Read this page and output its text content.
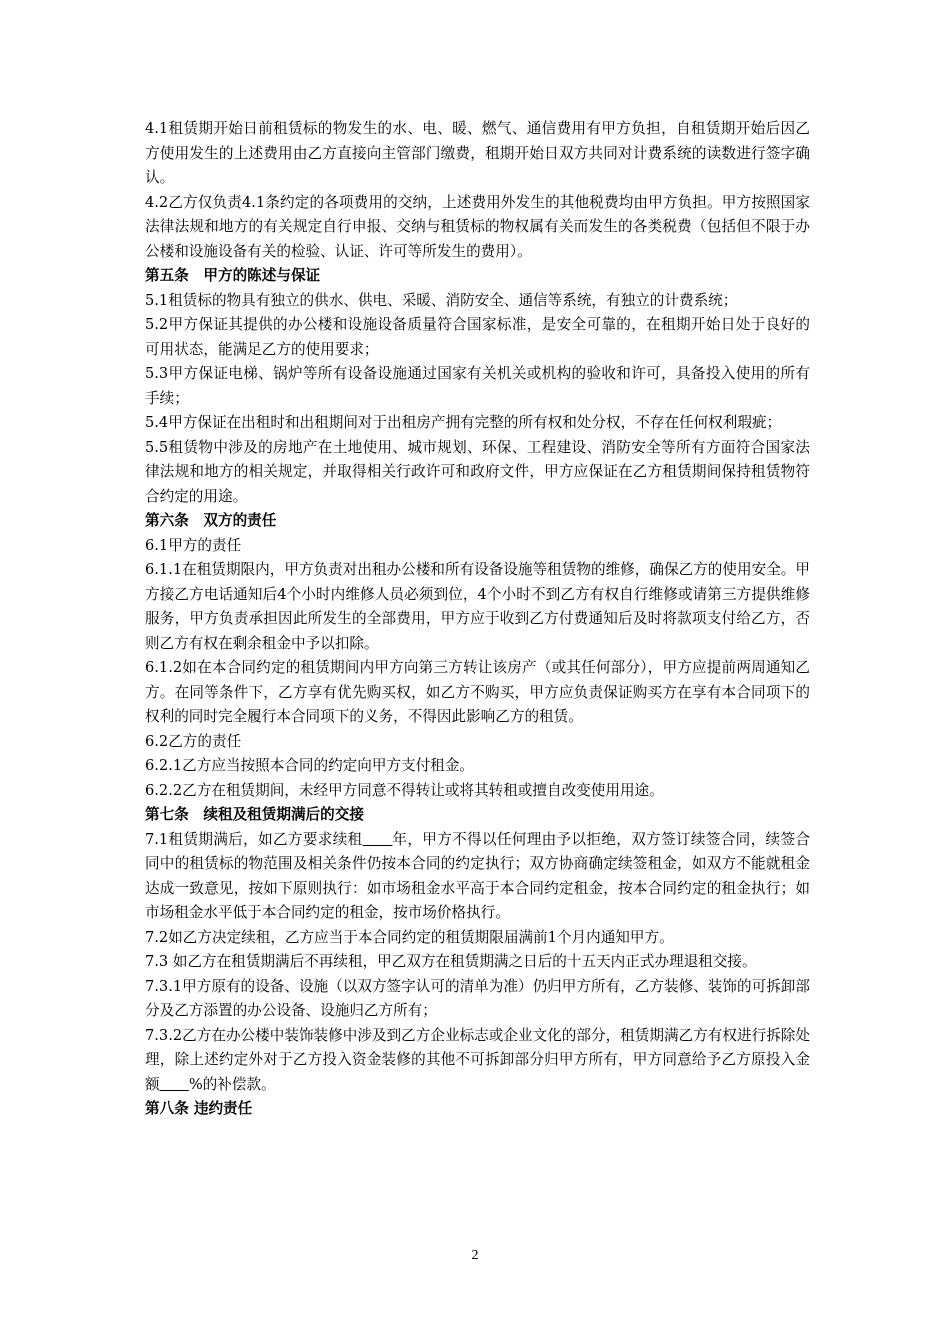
4.1租赁期开始日前租赁标的物发生的水、电、暖、燃气、通信费用有甲方负担，自租赁期开始后因乙方使用发生的上述费用由乙方直接向主管部门缴费，租期开始日双方共同对计费系统的读数进行签字确认。

4.2乙方仅负责4.1条约定的各项费用的交纳，上述费用外发生的其他税费均由甲方负担。甲方按照国家法律法规和地方的有关规定自行申报、交纳与租赁标的物权属有关而发生的各类税费（包括但不限于办公楼和设施设备有关的检验、认证、许可等所发生的费用）。

第五条　甲方的陈述与保证

5.1租赁标的物具有独立的供水、供电、采暖、消防安全、通信等系统，有独立的计费系统；

5.2甲方保证其提供的办公楼和设施设备质量符合国家标准，是安全可靠的，在租期开始日处于良好的可用状态，能满足乙方的使用要求；

5.3甲方保证电梯、锅炉等所有设备设施通过国家有关机关或机构的验收和许可，具备投入使用的所有手续；

5.4甲方保证在出租时和出租期间对于出租房产拥有完整的所有权和处分权，不存在任何权利瑕疵；

5.5租赁物中涉及的房地产在土地使用、城市规划、环保、工程建设、消防安全等所有方面符合国家法律法规和地方的相关规定，并取得相关行政许可和政府文件，甲方应保证在乙方租赁期间保持租赁物符合约定的用途。

第六条　双方的责任

6.1甲方的责任

6.1.1在租赁期限内，甲方负责对出租办公楼和所有设备设施等租赁物的维修，确保乙方的使用安全。甲方接乙方电话通知后4个小时内维修人员必须到位，4个小时不到乙方有权自行维修或请第三方提供维修服务，甲方负责承担因此所发生的全部费用，甲方应于收到乙方付费通知后及时将款项支付给乙方，否则乙方有权在剩余租金中予以扣除。

6.1.2如在本合同约定的租赁期间内甲方向第三方转让该房产（或其任何部分），甲方应提前两周通知乙方。在同等条件下，乙方享有优先购买权，如乙方不购买，甲方应负责保证购买方在享有本合同项下的权利的同时完全履行本合同项下的义务，不得因此影响乙方的租赁。

6.2乙方的责任

6.2.1乙方应当按照本合同的约定向甲方支付租金。

6.2.2乙方在租赁期间，未经甲方同意不得转让或将其转租或擅自改变使用用途。

第七条　续租及租赁期满后的交接

7.1租赁期满后，如乙方要求续租　　 年，甲方不得以任何理由予以拒绝，双方签订续签合同，续签合同中的租赁标的物范围及相关条件仍按本合同的约定执行；双方协商确定续签租金，如双方不能就租金达成一致意见，按如下原则执行：如市场租金水平高于本合同约定租金，按本合同约定的租金执行；如市场租金水平低于本合同约定的租金，按市场价格执行。

7.2如乙方决定续租，乙方应当于本合同约定的租赁期限届满前1个月内通知甲方。

7.3 如乙方在租赁期满后不再续租，甲乙双方在租赁期满之日后的十五天内正式办理退租交接。

7.3.1甲方原有的设备、设施（以双方签字认可的清单为准）仍归甲方所有，乙方装修、装饰的可拆卸部分及乙方添置的办公设备、设施归乙方所有；

7.3.2乙方在办公楼中装饰装修中涉及到乙方企业标志或企业文化的部分，租赁期满乙方有权进行拆除处理，除上述约定外对于乙方投入资金装修的其他不可拆卸部分归甲方所有，甲方同意给予乙方原投入金额　　 %的补偿款。

第八条 违约责任

2
